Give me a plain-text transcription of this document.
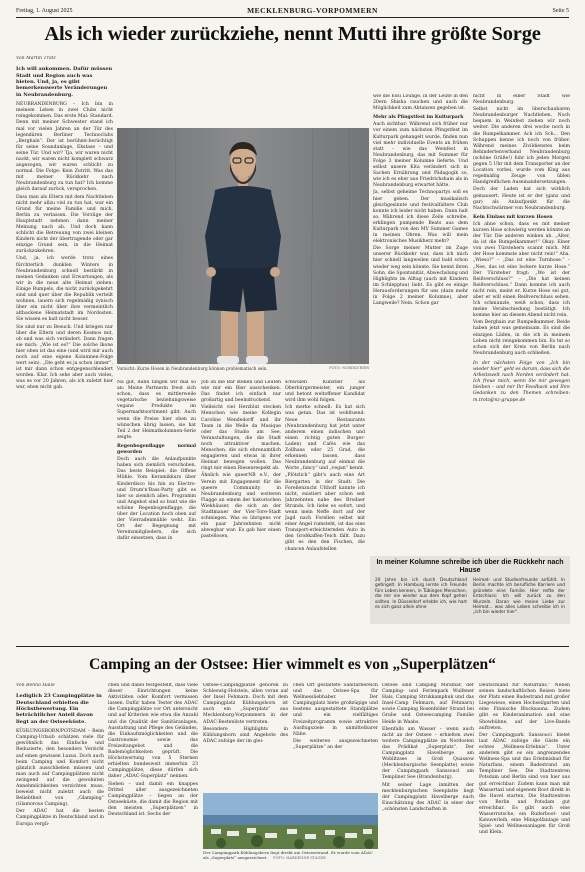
Freitag, 1. August 2025	MECKLENBURG-VORPOMMERN	Seite 5
Als ich wieder zurückziehe, nennt Mutti ihre größte Sorge

Von Martin Trotz

Ich will ankommen. Dafür müssen Stadt und Region auch was bieten. Und, ja, es gibt bemerkenswerte Veränderungen in Neubrandenburg.

NEUBRANDENBURG – Ich bin in meinem Leben in zwei Clubs nicht reingekommen. Das erste Mal: Standard. Denn mit meiner Schwester stand ich mal vor vielen Jahren an der Tür des legendären Berliner Technoclubs „Berghain“. Der ist berühmt-berüchtigt für seine Soundanlage, Ekstase – und seine Tür. Und wir? Tja, wir waren nicht nackt, wir waren nicht komplett schwarz angezogen, wir waren schlicht zu normal. Die Folge: Kein Zutritt. Was das mit meiner Rückkehr nach Neubrandenburg zu tun hat? Ich komme gleich darauf zurück, versprochen.

Dass man als Eltern mit dem Nachtleben nicht mehr allzu viel zu tun hat, war ein Grund für meine Familie und mich, Berlin zu verlassen. Die Vorzüge der Hauptstadt nehmen dann meiner Meinung nach ab. Und doch kann schlicht die Betreuung von zwei kleinen Kindern nicht der übertragende oder gar einzige Grund sein, in die Heimat zurückzukehren.

Und, ja, ich werde trotz eines fürchterlich dunklen Winters in Neubrandenburg schnell bestärkt in meinen Gedanken und Erwartungen, als wir in die neue alte Heimat ziehen: Einige Rumpels, die nicht zurückgekehrt sind und quer über die Republik verteilt wohnen, lauern sich regelmäßig zynisch über ein nicht über ihre vermeintlich altbackene Heimatstadt im Nordosten. Sie wissen es halt nicht besser.

Sie sind nur zu Besuch. Und kriegen nur über die Eltern und deren Kosmos mit, ob und was sich verändert. Dann fragen sie mich: „Wie ist es?“ Die solche Ikone hier oben ist das eine (und wird mir auch noch auf eine eigene Kolumnen-Folge wert sein). „Die geht es ja schon immer“, ist mir dann schon entgegenschleudert worden. Klar. Ich sehe aber auch vieles, was es vor 20 Jahren, als ich zuletzt hier war, eben nicht gab.

Vorsicht: Kurze Hosen in Neubrandenburg können problematisch sein.	FOTO: NORDKURIER

Na gut, dann fangen wir mal so an: Meine Partnerin freut sich schon, dass es mittlerweile vegetarische beziehungsweise vegane Produkte im Supermarktsortiment gibt. Auch wenn die Preise hier oben zu wünschen übrig lassen, sie hat Teil 2 der Heimatkolumnen-Serie zeigte.

Regenbogenflagge normal geworden

Doch auch die Anlaufpunkte haben sich ziemlich verschoben. Das beste Beispiel: die Offene Mühle. Vom Keramikkurs über Kinderdisco bis hin zu Electro- und Drum'n'Bass-Party gibt es hier so ziemlich alles. Programm und Angebot sind so bunt wie die schöne Regenbogenflagge, die über der Location hoch oben auf der Vierradenmühle weht. Ein Ort der Begegnung mit Vereinsmitgliedern, die sich dafür einsetzen, dass in

Job an die Bar stellen und Leuten wie mir ein Bier ausschenken. Das findet ich einfach nur großartig und beeindruckend.

Vielleicht viel Herzblut stecken Menschen wie meine Kollegin Caroline Wendedorff und ihr Team in die Welle da Musique oder das Studio am See. Veranstaltungen, die die Stadt noch attraktiver machen. Menschen, die sich ehrenamtlich engagieren und etwas in ihrer Heimat bewegen wollen. Das ringt mir einen Riesenrespekt ab.

Ähnlich wie queerNB e.V., der Verein mit Engagement für die queere Community in Neubrandenburg und weiteren Flagge an einem der historischen Wiekhäuser, die sich an der Stadtmauer der Vier-Tore-Stadt schmiegen. Was so übrigens vor ein paar Jahrzehnten nicht abwegbar war: Es gab hier einen pastellosen,

schwulen Künstler als Oberbürgermeister, ein junger und betont weltoffener Kandidat wird ihm wohl folgen.

Ich merke schnell: Es hat sich was getan. Das ist wohltuend. Neue Restaurants (Neubrandenburg hat jetzt unter anderem einen indischen und einen richtig guten Burger-Laden) und Cafés wie das Zollhaus oder 25 Grad, die erkennen lassen, dass Neubrandenburg auf einmal die Worte „fancy“ und „vegan“ kennt.

„Plötzlich“ gibt's auch eine Art Biergarten in der Stadt: Die Forellenzucht Ulthoff kannte ich nicht, existiert aber schon seit Jahrzehnten nahe des Brodaer Strands. Ich liebe es sofort, und wenn mein Neffe dort auf der Jagd nach Forellen selbst mit einer Angel rumsteht, ist das eine Transport-erleichternden Auto in den Großkaffen-Teich fällt. Dazu gibt es den den Fischen, die chancen Anlaufstellen

wie die Essi Lounge, in der Leute in den 20ern Shisha rauchen und auch die Möglichkeit zum Abtanzen gegeben ist.

Mehr als Pfingstfest im Kulturpark

Auch sichtbar: Während sich früher nur vor einem zum nächsten Pfingstfest im Kulturpark gehangelt wurde, finden nun viel mehr individuelle Events an frühen statt – wie das Weinfest in Neubrandenburg, das mit Summer für Folge 3 meiner Kolumne lieferte. Und selbst unsere Kita verändert sich in Sachen Ernährung und Pädagogik so, wie ich es eher aus Friedrichshain als in Neubrandenburg erwartet hätte.

Ja, selbst geheime Technopartys soll es hier geben. Der musikalisch gleichgesinnte und festivalfaltere Club konnte ich leider nicht haben. Dann halt so. Während ich diese Zeile schreibe, erklingen pumpende Beats aus dem Kulturpark von den MV Summer Games in meinen Ohren. Was will mein elektronisches Musikherz mehr?

Die Sorge meiner Mutter im Zuge unserer Rückkehr war, dass ich mich hier schnell langweilen und bald schon wieder weg sein könnte. Sie kennt ihren Sohn, die Spontanität, Abwechslung und Highlights im Alltag (auch mit Kindern im Schlepptau) liebt. Es gibt es einige Herausforderungen für uns (dazu mehr in Folge 2 meiner Kolumne), aber Langweile? Nein. Schon gar

nicht in einer Stadt wie Neubrandenburg.

Selbst nicht im überschaubaren Neubrandenburger Nachtleben. Noch bequem in Weinfest ziehen wir noch weiter. Die anderen drei woche noch in die Rumpelkammer. Ach ich Sch... Den Schuppen kenne ich noch von früher. Während meines Zivildienstes beim Behindertenverband Neubrandenburg (schöne Grüße!) fuhr ich jeden Morgen gegen 5 Uhr mit dem Transporter an der Location vorbei, wurde vom King aus regelmäßig Zeuge von üblen Handgreiflichen Auseinandersetzungen.

Doch der Laden hat sich wirklich gemausert. Heute ist er der (ganz und gar) als Anlaufpunkt für die Nachtschwärmer von Neubrandenburg.

Kein Einlass mit kurzen Hosen

Ich ahne schon, dass es mit meiner kurzen Hose schwierig werden könnte an der Tür. Die anderen winken ab. „Alter, da ist die Rumpelkammer!“ Okay. Einer von zwei Türstehern scannt mich. Mit der Hose kommste aber nicht rein!“ Aha. „Wieso?“ – „Das ist eine Turnhose.“ – „Nee, das ist eine lockere kurze Hose.“ Der Türsteher fragt: „Wo ist der Reißverschluss?“ – „Die hat keinen Reißverschluss.“ Dann komme ich auch nicht rein, meint er. Kurze Hose sei gut, aber er will einen Reißverschluss sehen. Ich schmunzle, weiß schon, dass ich meine Verabschiedung bestätigt. Ich komme hier an diesem Abend nicht rein.

Vom Berghain zur Rumpelkammer. Beide haben jetzt was gemeinsam. Es sind die einzigen Läden, in die ich in meinem Leben nicht reingekommen bin. Es tut so schon sich der Kreis von Berlin nach Neubrandenburg auch schließen.

In der nächsten Folge von „Ich bin wieder hier“ geht es darum, dass sich die Arbeitswelt nach Norden verändert hat. Ich freue mich, wenn Sie mir gewogen bleiben – und mir Ihr Feedback und Ihre Gedanken zu den Themen schreiben: m.trotz@nz-gruppe.de

In meiner Kolumne schreibe ich über die Rückkehr nach Hause
20 Jahre bin ich durch Deutschland getingelt. In Hamburg lernte ich Freunde fürs Leben kennen, in Tübingen Menschen, die mir nie wieder aus dem Kopf gehen sollten. In Düsseldorf erlebte ich, wie hart es sich ganz allein ohne
Heimat- und Studienfreunde anfühlt. In Berlin machte ich berufliche Karriere und gründete eine Familie. Hier reifte der Entschluss: Ich will zurück zu den Wurzeln. Daran wie meine Liebe zur Heimat... was alles Leben schreibe ich in „Ich bin wieder hier“.
Camping an der Ostsee: Hier wimmelt es von „Superplätzen“

Von Benno Haile

Lediglich 23 Campingplätze in Deutschland erhielten die Höchstbewertung. Ein beträchtlicher Anteil davon liegt an der Ostseeküste.

KÜHLUNGSBORN/POTSDAM – Beim Camping-Urlaub schätzen viele für gewöhnlich das Einfache und Reduzierte, den besonders Verzicht auf einen gewissen Luxus. Doch auch beim Camping und Komfort nicht gänzlich ausschließen müssen und man auch auf Campingplätzen nicht zwingend auf die gewohnten Annehmlichkeiten verzichten muss, beweist nicht zuletzt auch die Beliebtheit von „Glamping“ (Glamorous Camping).

Der ADAC hat die besten Campingplätze in Deutschland und in Europa vergli-

chen und dabei festgestellt, dass viele dieser Einrichtungen keine Aktivitäten oder Komfort vermissen lassen. Dafür haben Tester des ADAC die Campingplätze vor Ort untersucht und auf Kriterien wie etwa die Anzahl und die Qualität der Sanitäranlagen, Ausstattung und Pflege des Geländes, die Einkaufsmöglichkeiten und die Gastronomie sowie das Freizeitangebot und die Bademöglichkeiten geprüft. Die Höchstwertung von 5 Sternen erhielten bundesweit immerhin 23 Campingplätze, diese dürfen sich daher „ADAC-Superplatz“ nennen.

Sieben – und damit ein knappes Drittel aller ausgezeichneten Campingplätze – liegen an der Ostseeküste, die damit die Region mit den meisten „Superplätzen“ in Deutschland ist. Sechs der

Ostsee-Campingplätze gehören zu Schleswig-Holstein, allen voran auf der Insel Fehmarn. Doch mit dem Campingplatz Kühlungsborn ist auch ein „Superplatz“ aus Mecklenburg-Vorpommern in der ADAC-Bestenliste vertreten.

Besondere Highlights in Kühlungsborn sind Angebote des ADAC zufolge der im glei-

chen Ort gestaltete Sanitärbereich und das Ostsee-Spa für Wellnessliebhaber. Der Campingplatz biete großzügige und bestens ausgestattete Standplätze und ein vielfältiges Freizeitprogramm sowie attraktive Ausflugsziele in unmittelbarer Nähe.

Die weiteren ausgezeichneten „Superplätze“ an der

Ostsee sind Camping Miramar, der Camping- und Ferienpark Wulfener Hals, Camping Strukkamphuk und das Insel-Camp Fehmarn, auf Fehmarn) sowie Camping Rosenfelder Strand bei Grube und Ostseecamping Familie Heide in Waabs.

Ebenfalls am Wasser – wenn auch nicht an der Ostsee – erhielten zwei weitere Campingplätze im Nordosten das Prädikat „Superplatz“. Der Campingplatz Havelberge am Woblitzsee in Groß Quassow (Mecklenburgische Seenplatte) sowie der Campingpark Sanssouci am Templiner See (Brandenburg).

Mit seiner Lage inmitten der mecklenburgischen Seenplatte liegt der Campingplatz Havelberge nach Einschätzung des ADAC in einer der „schönsten Landschaften in

Deutschland für Naturfans.“ Neben seinen landschaftlichen Reizen biete der Platz einen Badestrand mit großer Liegewiese, einen Hochseilgarten und eine Finnische Blocksauna. Zudem gibt es Kinderanimation und eine Showbühne, auf der Live-Bands auftreten.

Der Campingpark Sanssouci bietet laut ADAC zufolge die Gäste ein echtes „Wellness-Erlebnis“. Unter anderem gibt es ein angrenzendes Wellness-Spa und das Erlebnisbad für Naturfans, einem Badestrand am Templiner See. Die Stadtzentren Potsdam und Berlin sind von hier aus gut erreichbar: Zudem kann man mit Wassertaxi und eigenem Boot direkt in die Havel starten, Die Stadtzentren von Berlin und Potsdam gut erreichbar. Es gibt auch eine Wasserrutsche, ein Ruderboot- und Kanuverleih, eine Minigolfanlage und Spiel- und Wellnessanlagen für Groß und Klein.

Der Campingpark Kühlungsborn liegt direkt am Ostseestrand. Er wurde vom ADAC als „Superplatz“ ausgezeichnet. FOTO: HARDENNE STAGER
